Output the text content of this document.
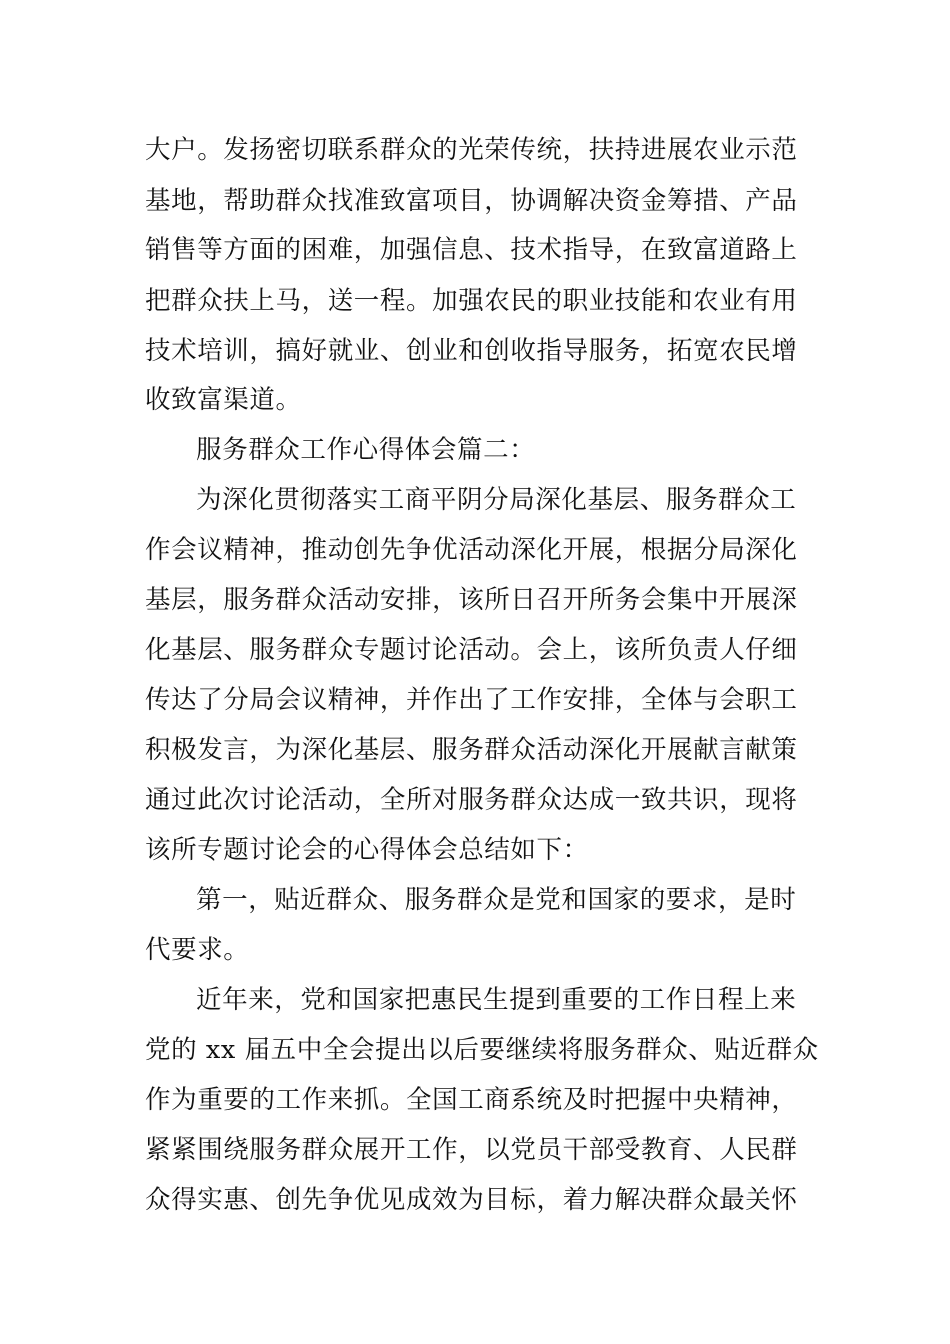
大户。发扬密切联系群众的光荣传统，扶持进展农业示范
基地，帮助群众找准致富项目，协调解决资金筹措、产品
销售等方面的困难，加强信息、技术指导，在致富道路上
把群众扶上马，送一程。加强农民的职业技能和农业有用
技术培训，搞好就业、创业和创收指导服务，拓宽农民增
收致富渠道。
服务群众工作心得体会篇二：
为深化贯彻落实工商平阴分局深化基层、服务群众工
作会议精神，推动创先争优活动深化开展，根据分局深化
基层，服务群众活动安排，该所日召开所务会集中开展深
化基层、服务群众专题讨论活动。会上，该所负责人仔细
传达了分局会议精神，并作出了工作安排，全体与会职工
积极发言，为深化基层、服务群众活动深化开展献言献策
通过此次讨论活动，全所对服务群众达成一致共识，现将
该所专题讨论会的心得体会总结如下：
第一，贴近群众、服务群众是党和国家的要求，是时
代要求。
近年来，党和国家把惠民生提到重要的工作日程上来
党的 xx 届五中全会提出以后要继续将服务群众、贴近群众
作为重要的工作来抓。全国工商系统及时把握中央精神，
紧紧围绕服务群众展开工作，以党员干部受教育、人民群
众得实惠、创先争优见成效为目标，着力解决群众最关怀
